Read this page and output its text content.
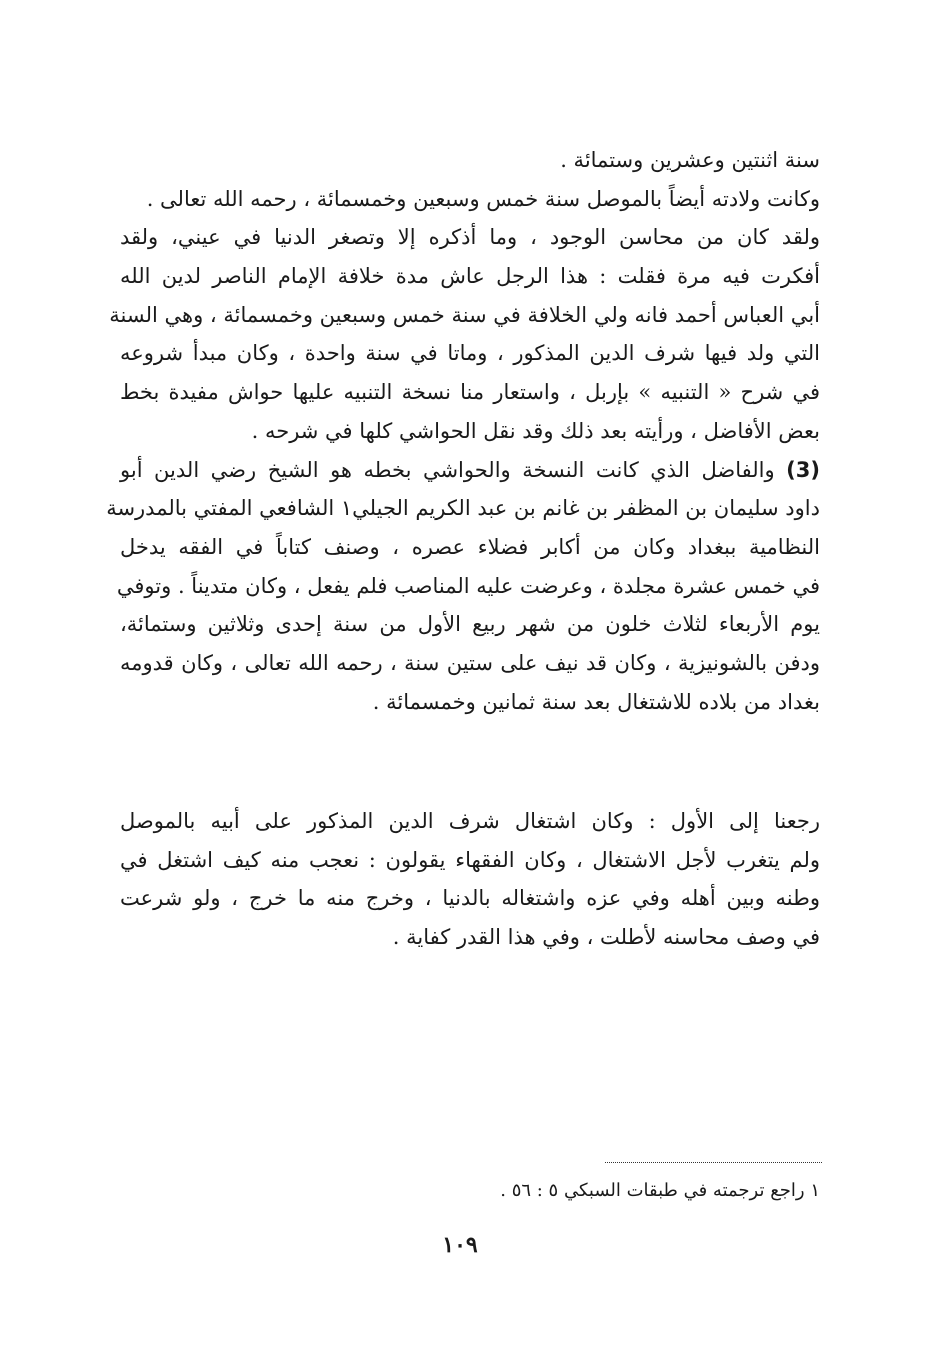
سنة اثنتين وعشرين وستمائة .
وكانت ولادته أيضاً بالموصل سنة خمس وسبعين وخمسمائة ، رحمه الله تعالى .
ولقد كان من محاسن الوجود ، وما أذكره إلا وتصغر الدنيا في عيني، ولقد
أفكرت فيه مرة فقلت : هذا الرجل عاش مدة خلافة الإمام الناصر لدين الله
أبي العباس أحمد فانه ولي الخلافة في سنة خمس وسبعين وخمسمائة ، وهي السنة
التي ولد فيها شرف الدين المذكور ، وماتا في سنة واحدة ، وكان مبدأ شروعه
في شرح « التنبيه » بإربل ، واستعار منا نسخة التنبيه عليها حواش مفيدة بخط
بعض الأفاضل ، ورأيته بعد ذلك وقد نقل الحواشي كلها في شرحه .
(3) والفاضل الذي كانت النسخة والحواشي بخطه هو الشيخ رضي الدين أبو
داود سليمان بن المظفر بن غانم بن عبد الكريم الجيلي١ الشافعي المفتي بالمدرسة
النظامية ببغداد وكان من أكابر فضلاء عصره ، وصنف كتاباً في الفقه يدخل
في خمس عشرة مجلدة ، وعرضت عليه المناصب فلم يفعل ، وكان متديناً . وتوفي
يوم الأربعاء لثلاث خلون من شهر ربيع الأول من سنة إحدى وثلاثين وستمائة،
ودفن بالشونيزية ، وكان قد نيف على ستين سنة ، رحمه الله تعالى ، وكان قدومه
بغداد من بلاده للاشتغال بعد سنة ثمانين وخمسمائة .
رجعنا إلى الأول : وكان اشتغال شرف الدين المذكور على أبيه بالموصل
ولم يتغرب لأجل الاشتغال ، وكان الفقهاء يقولون : نعجب منه كيف اشتغل في
وطنه وبين أهله وفي عزه واشتغاله بالدنيا ، وخرج منه ما خرج ، ولو شرعت
في وصف محاسنه لأطلت ، وفي هذا القدر كفاية .
١ راجع ترجمته في طبقات السبكي ٥ : ٥٦ .
١٠٩
